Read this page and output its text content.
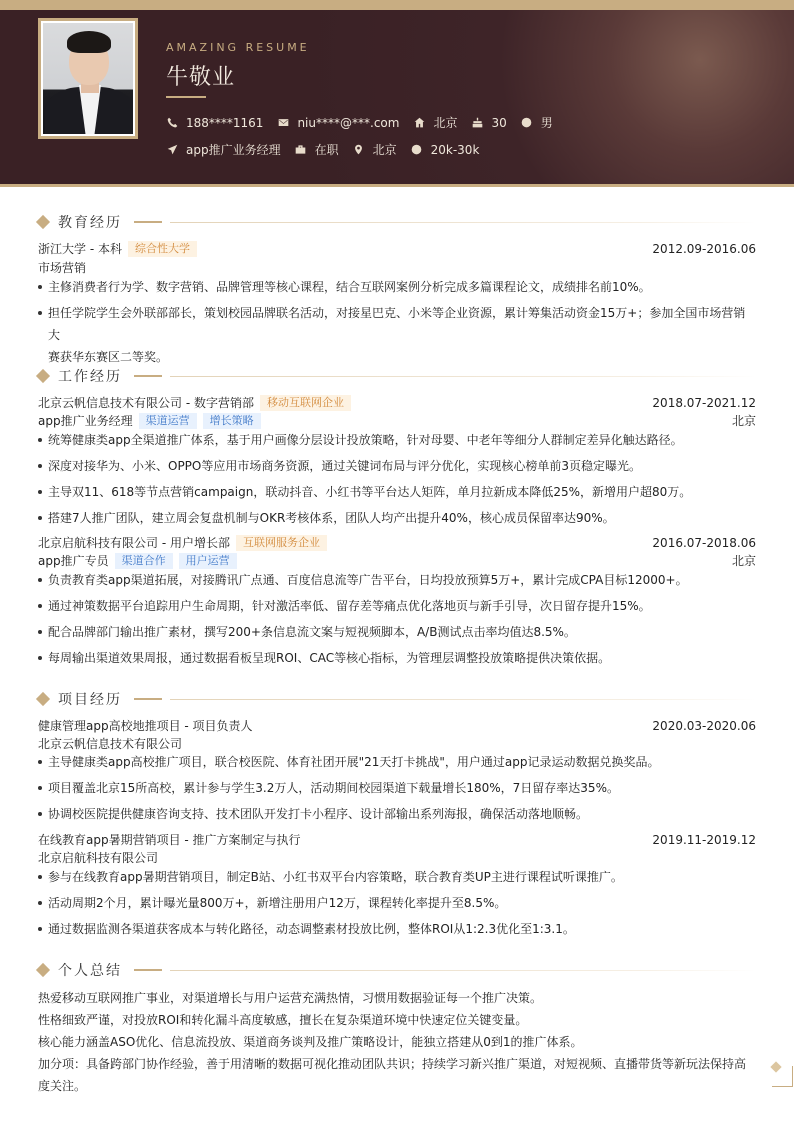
AMAZING RESUME
牛敬业
188****1161	niu****@***.com	北京	30	男
app推广业务经理	在职	北京	20k-30k
教育经历
浙江大学 - 本科	综合性大学	2012.09-2016.06
市场营销
主修消费者行为学、数字营销、品牌管理等核心课程，结合互联网案例分析完成多篇课程论文，成绩排名前10%。
担任学院学生会外联部部长，策划校园品牌联名活动，对接星巴克、小米等企业资源，累计筹集活动资金15万+；参加全国市场营销大
赛获华东赛区二等奖。
工作经历
北京云帆信息技术有限公司 - 数字营销部	移动互联网企业	2018.07-2021.12
app推广业务经理	渠道运营	增长策略	北京
统筹健康类app全渠道推广体系，基于用户画像分层设计投放策略，针对母婴、中老年等细分人群制定差异化触达路径。
深度对接华为、小米、OPPO等应用市场商务资源，通过关键词布局与评分优化，实现核心榜单前3页稳定曝光。
主导双11、618等节点营销campaign，联动抖音、小红书等平台达人矩阵，单月拉新成本降低25%，新增用户超80万。
搭建7人推广团队，建立周会复盘机制与OKR考核体系，团队人均产出提升40%，核心成员保留率达90%。
北京启航科技有限公司 - 用户增长部	互联网服务企业	2016.07-2018.06
app推广专员	渠道合作	用户运营	北京
负责教育类app渠道拓展，对接腾讯广点通、百度信息流等广告平台，日均投放预算5万+，累计完成CPA目标12000+。
通过神策数据平台追踪用户生命周期，针对激活率低、留存差等痛点优化落地页与新手引导，次日留存提升15%。
配合品牌部门输出推广素材，撰写200+条信息流文案与短视频脚本，A/B测试点击率均值达8.5%。
每周输出渠道效果周报，通过数据看板呈现ROI、CAC等核心指标，为管理层调整投放策略提供决策依据。
项目经历
健康管理app高校地推项目 - 项目负责人	2020.03-2020.06
北京云帆信息技术有限公司
主导健康类app高校推广项目，联合校医院、体育社团开展"21天打卡挑战"，用户通过app记录运动数据兑换奖品。
项目覆盖北京15所高校，累计参与学生3.2万人，活动期间校园渠道下载量增长180%，7日留存率达35%。
协调校医院提供健康咨询支持、技术团队开发打卡小程序、设计部输出系列海报，确保活动落地顺畅。
在线教育app暑期营销项目 - 推广方案制定与执行	2019.11-2019.12
北京启航科技有限公司
参与在线教育app暑期营销项目，制定B站、小红书双平台内容策略，联合教育类UP主进行课程试听课推广。
活动周期2个月，累计曝光量800万+，新增注册用户12万，课程转化率提升至8.5%。
通过数据监测各渠道获客成本与转化路径，动态调整素材投放比例，整体ROI从1:2.3优化至1:3.1。
个人总结
热爱移动互联网推广事业，对渠道增长与用户运营充满热情，习惯用数据验证每一个推广决策。
性格细致严谨，对投放ROI和转化漏斗高度敏感，擅长在复杂渠道环境中快速定位关键变量。
核心能力涵盖ASO优化、信息流投放、渠道商务谈判及推广策略设计，能独立搭建从0到1的推广体系。
加分项：具备跨部门协作经验，善于用清晰的数据可视化推动团队共识；持续学习新兴推广渠道，对短视频、直播带货等新玩法保持高
度关注。
